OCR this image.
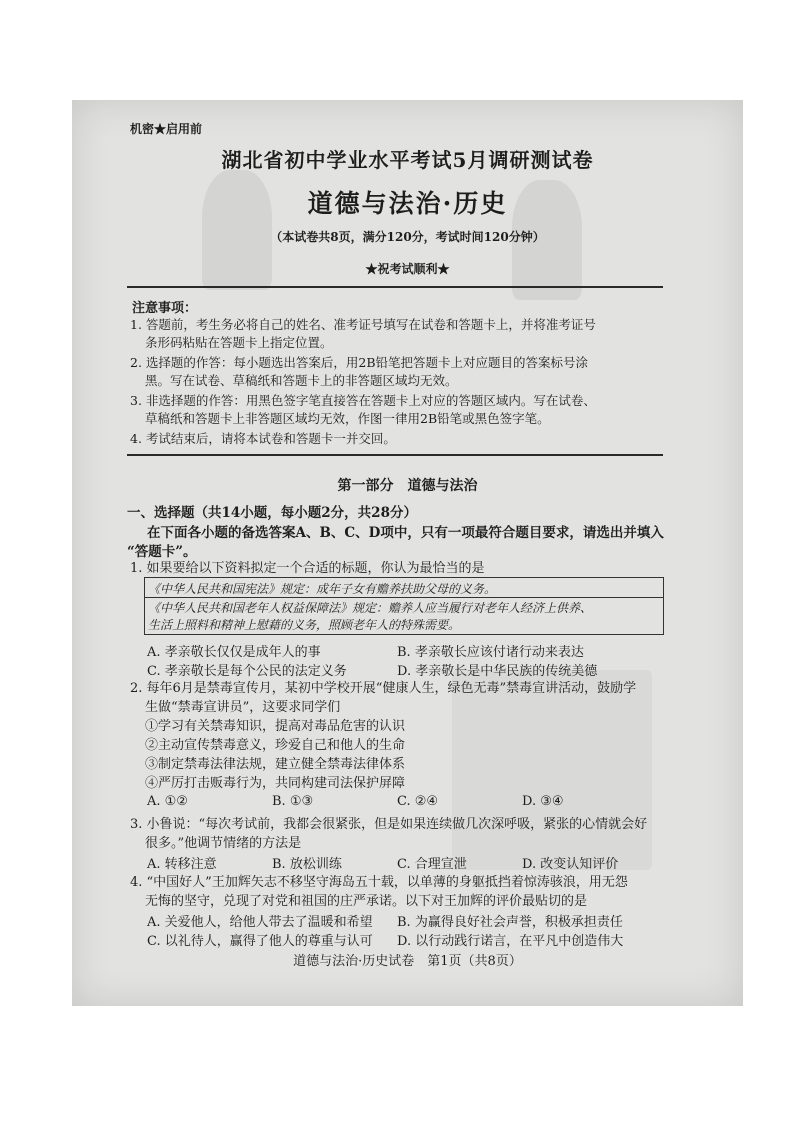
机密★启用前
湖北省初中学业水平考试5月调研测试卷
道德与法治·历史
（本试卷共8页，满分120分，考试时间120分钟）
★祝考试顺利★
注意事项：
1. 答题前，考生务必将自己的姓名、准考证号填写在试卷和答题卡上，并将准考证号
条形码粘贴在答题卡上指定位置。
2. 选择题的作答：每小题选出答案后，用2B铅笔把答题卡上对应题目的答案标号涂
黑。写在试卷、草稿纸和答题卡上的非答题区域均无效。
3. 非选择题的作答：用黑色签字笔直接答在答题卡上对应的答题区域内。写在试卷、
草稿纸和答题卡上非答题区域均无效，作图一律用2B铅笔或黑色签字笔。
4. 考试结束后，请将本试卷和答题卡一并交回。
第一部分　道德与法治
一、选择题（共14小题，每小题2分，共28分）
在下面各小题的备选答案A、B、C、D项中，只有一项最符合题目要求，请选出并填入
“答题卡”。
1. 如果要给以下资料拟定一个合适的标题，你认为最恰当的是
《中华人民共和国宪法》规定：成年子女有赡养扶助父母的义务。
《中华人民共和国老年人权益保障法》规定：赡养人应当履行对老年人经济上供养、
生活上照料和精神上慰藉的义务，照顾老年人的特殊需要。
A. 孝亲敬长仅仅是成年人的事	B. 孝亲敬长应该付诸行动来表达
C. 孝亲敬长是每个公民的法定义务	D. 孝亲敬长是中华民族的传统美德
2. 每年6月是禁毒宣传月，某初中学校开展“健康人生，绿色无毒”禁毒宣讲活动，鼓励学
生做“禁毒宣讲员”，这要求同学们
①学习有关禁毒知识，提高对毒品危害的认识
②主动宣传禁毒意义，珍爱自己和他人的生命
③制定禁毒法律法规，建立健全禁毒法律体系
④严厉打击贩毒行为，共同构建司法保护屏障
A. ①②	B. ①③	C. ②④	D. ③④
3. 小鲁说：“每次考试前，我都会很紧张，但是如果连续做几次深呼吸，紧张的心情就会好
很多。”他调节情绪的方法是
A. 转移注意	B. 放松训练	C. 合理宣泄	D. 改变认知评价
4. “中国好人”王加辉矢志不移坚守海岛五十载，以单薄的身躯抵挡着惊涛骇浪，用无怨
无悔的坚守，兑现了对党和祖国的庄严承诺。以下对王加辉的评价最贴切的是
A. 关爱他人，给他人带去了温暖和希望 B. 为赢得良好社会声誉，积极承担责任
C. 以礼待人，赢得了他人的尊重与认可 D. 以行动践行诺言，在平凡中创造伟大
道德与法治·历史试卷　第1页（共8页）
